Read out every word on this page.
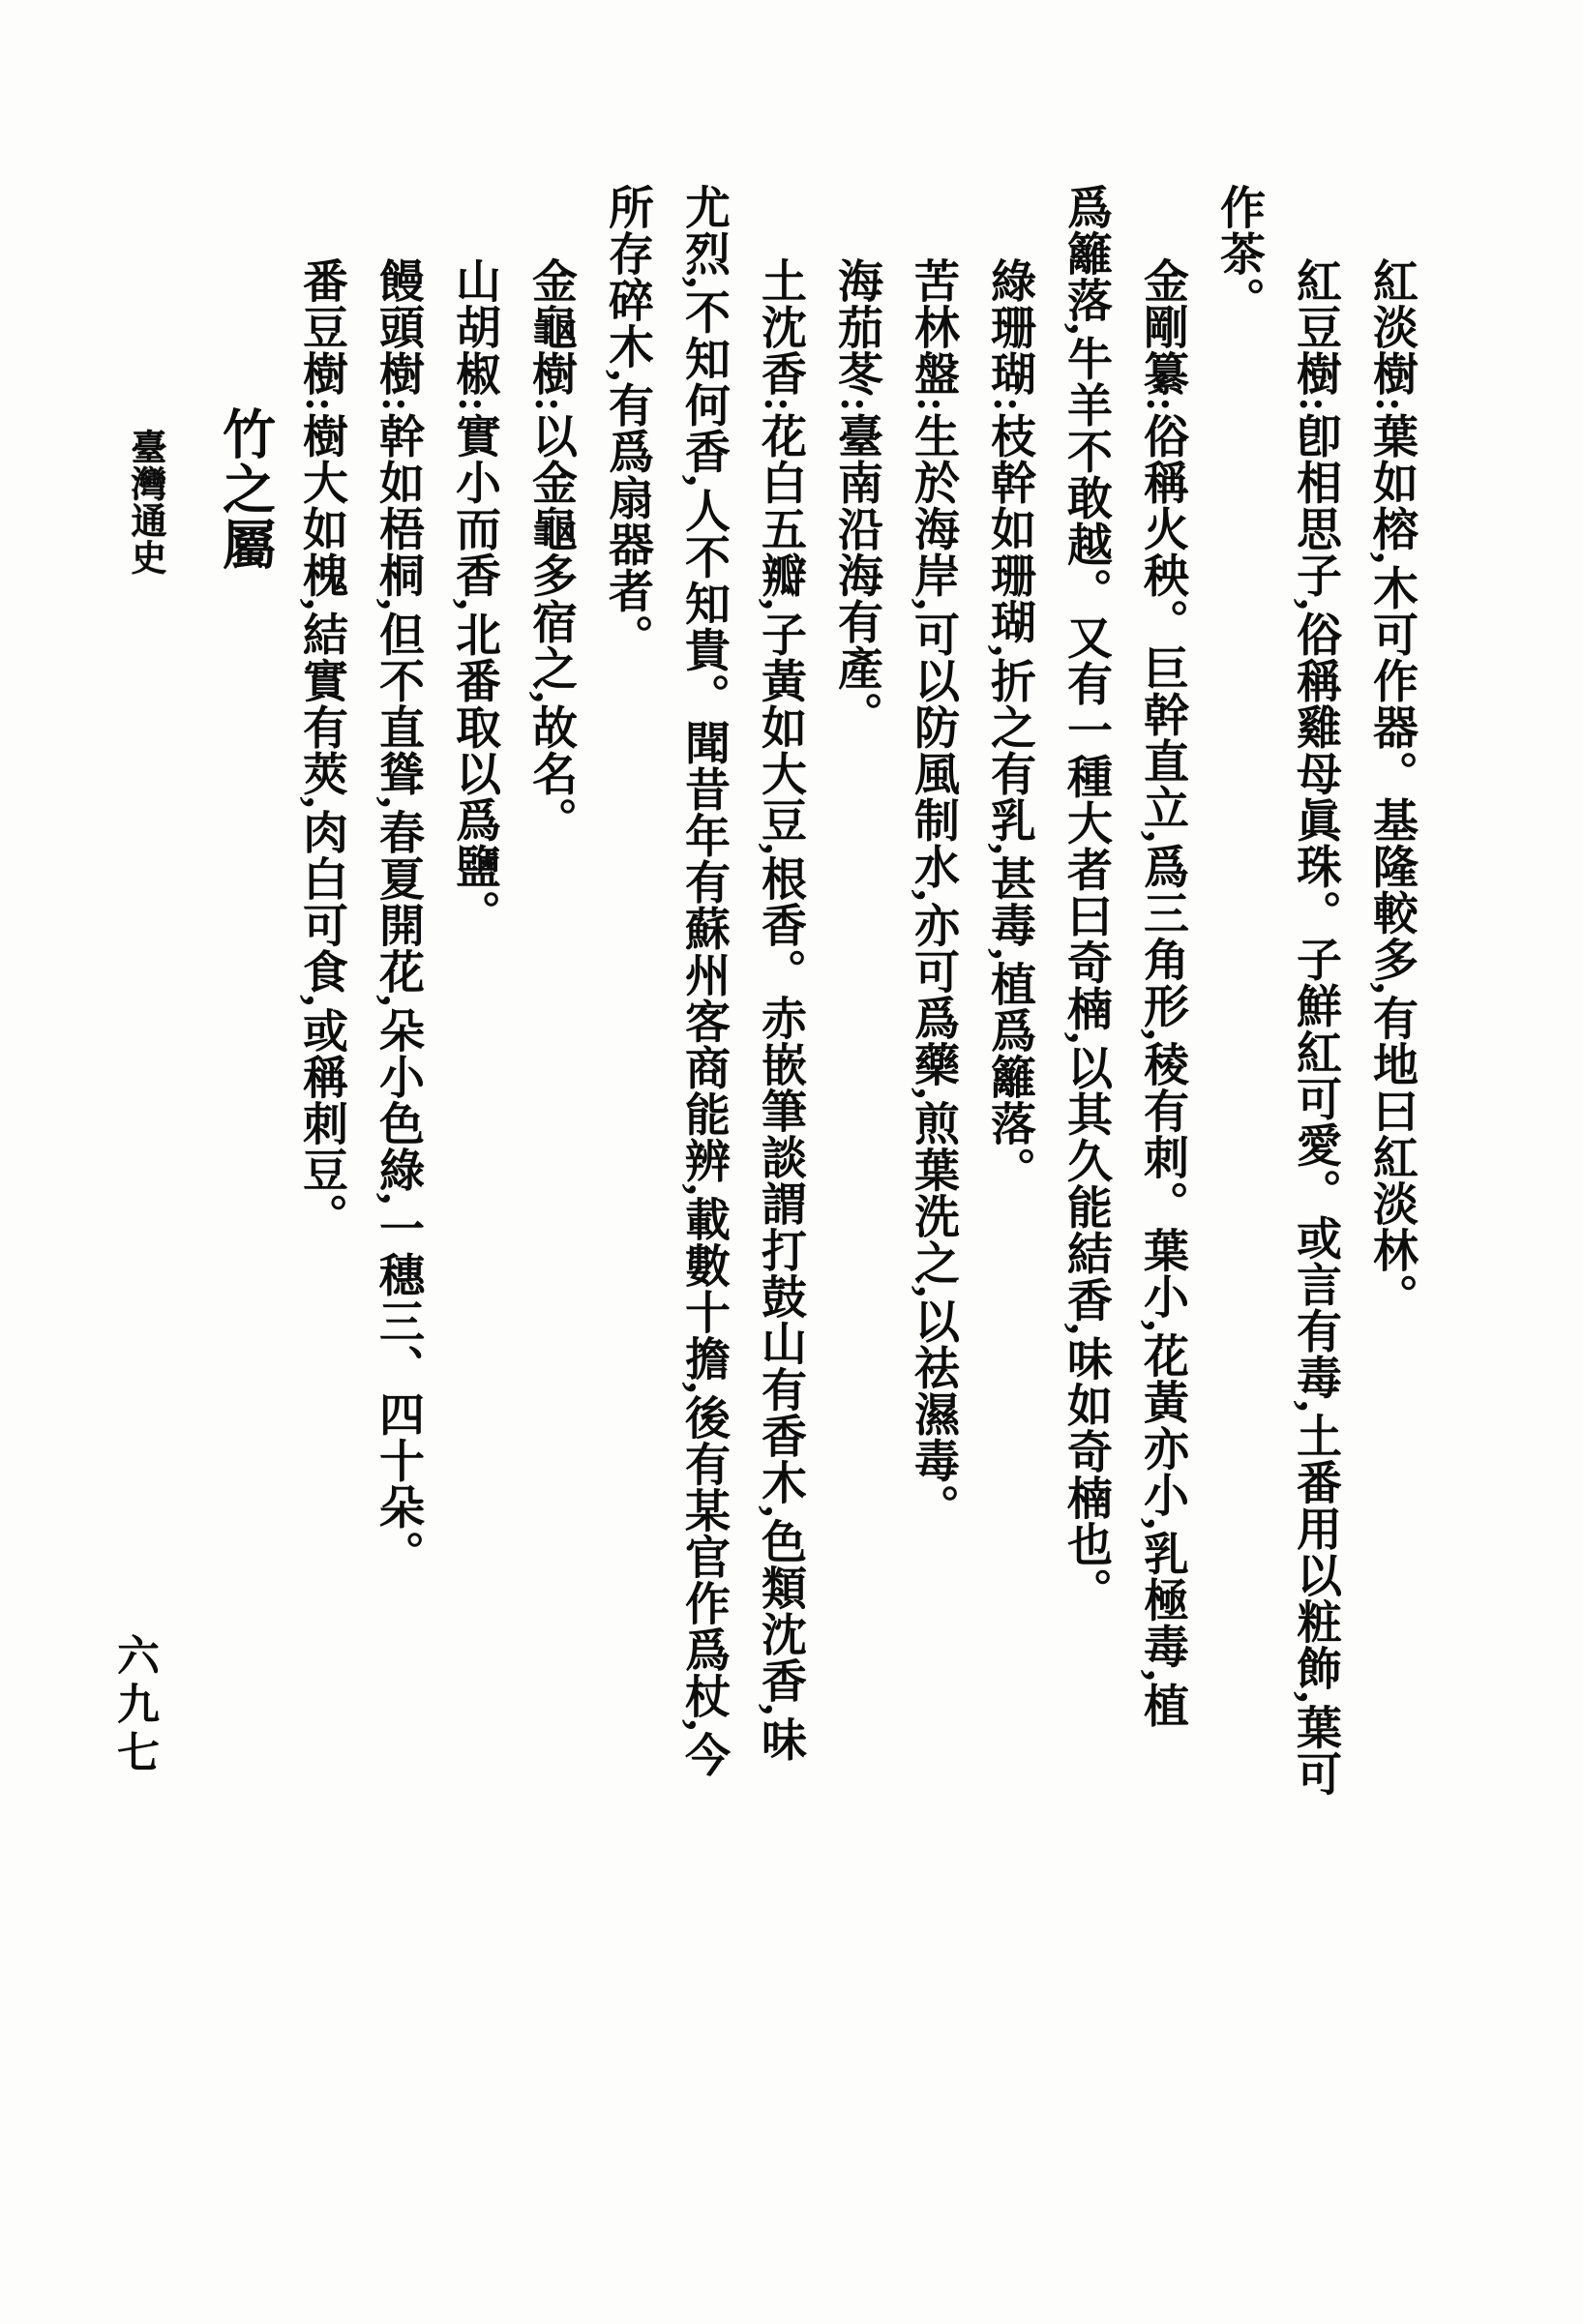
紅淡樹:葉如榕,木可作器。基隆較多,有地曰紅淡林。
紅豆樹:卽相思子,俗稱雞母眞珠。子鮮紅可愛。或言有毒,土番用以粧飾,葉可
作茶。
金剛纂:俗稱火秧。巨幹直立,爲三角形,稜有刺。葉小,花黃亦小,乳極毒,植
爲籬落,牛羊不敢越。又有一種大者曰奇楠,以其久能結香,味如奇楠也。
綠珊瑚:枝幹如珊瑚,折之有乳,甚毒,植爲籬落。
苦林盤:生於海岸,可以防風制水,亦可爲藥,煎葉洗之,以祛濕毒。
海茄苳:臺南沿海有產。
土沈香:花白五瓣,子黃如大豆,根香。赤嵌筆談謂打鼓山有香木,色類沈香,味
尤烈,不知何香,人不知貴。聞昔年有蘇州客商能辨,載數十擔,後有某官作爲杖,今
所存碎木,有爲扇器者。
金龜樹:以金龜多宿之,故名。
山胡椒:實小而香,北番取以爲鹽。
饅頭樹:幹如梧桐,但不直聳,春夏開花,朵小色綠,一穗三、四十朵。
番豆樹:樹大如槐,結實有莢,肉白可食,或稱刺豆。
竹之屬
臺灣通史
六九七
